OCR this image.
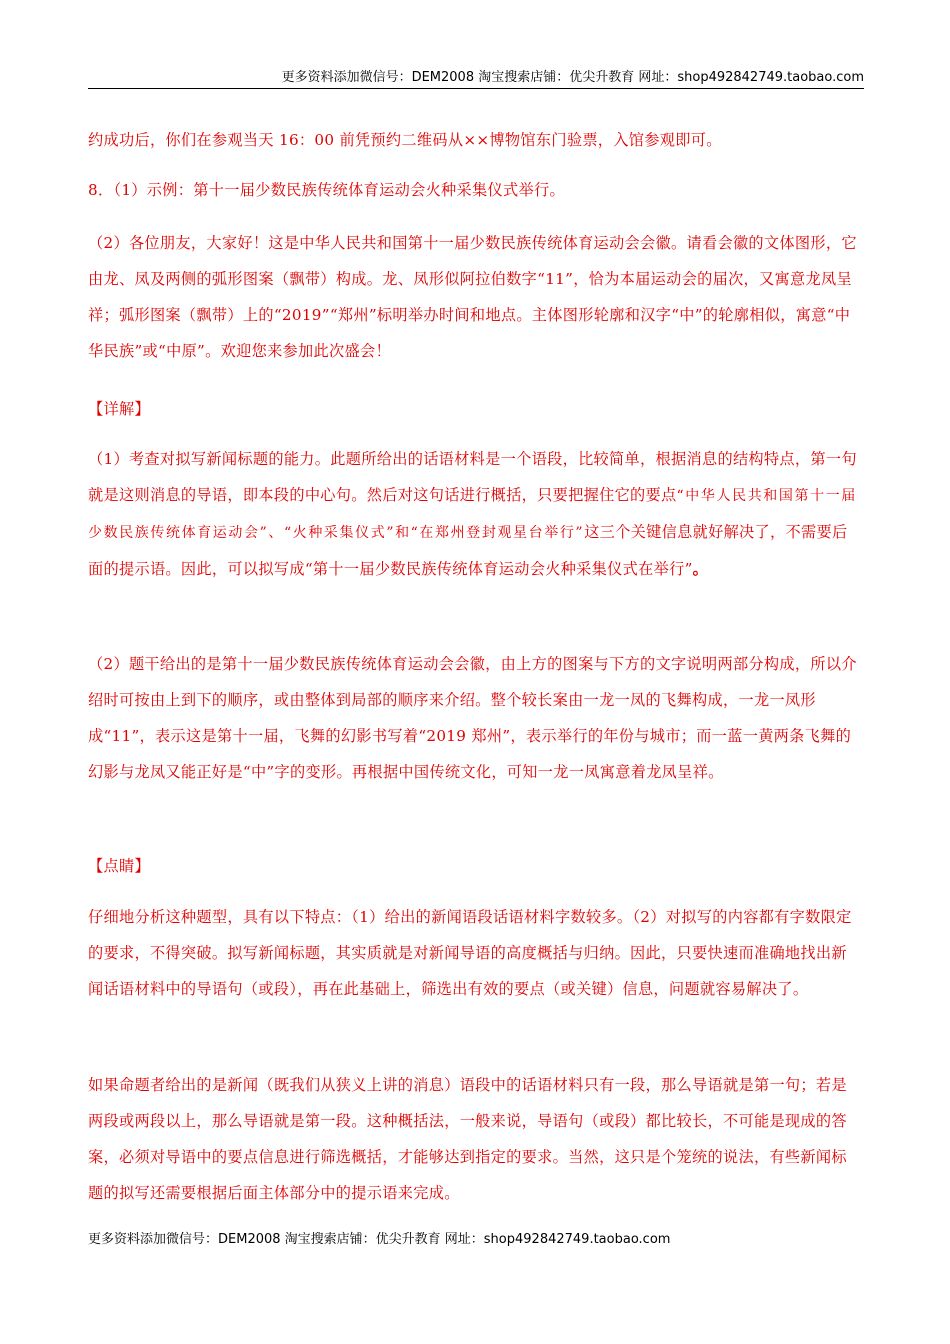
更多资料添加微信号：DEM2008 淘宝搜索店铺：优尖升教育 网址：shop492842749.taobao.com

约成功后，你们在参观当天 16：00 前凭预约二维码从××博物馆东门验票，入馆参观即可。

8．（1）示例：第十一届少数民族传统体育运动会火种采集仪式举行。

（2）各位朋友，大家好！这是中华人民共和国第十一届少数民族传统体育运动会会徽。请看会徽的文体图形，它由龙、凤及两侧的弧形图案（飘带）构成。龙、凤形似阿拉伯数字“11”，恰为本届运动会的届次，又寓意龙凤呈祥；弧形图案（飘带）上的“2019”“郑州”标明举办时间和地点。主体图形轮廓和汉字“中”的轮廓相似，寓意“中华民族”或“中原”。欢迎您来参加此次盛会！

【详解】

（1）考查对拟写新闻标题的能力。此题所给出的话语材料是一个语段，比较简单，根据消息的结构特点，第一句就是这则消息的导语，即本段的中心句。然后对这句话进行概括，只要把握住它的要点“中华人民共和国第十一届少数民族传统体育运动会”、“火种采集仪式”和“在郑州登封观星台举行”这三个关键信息就好解决了，不需要后面的提示语。因此，可以拟写成“第十一届少数民族传统体育运动会火种采集仪式在举行”。

（2）题干给出的是第十一届少数民族传统体育运动会会徽，由上方的图案与下方的文字说明两部分构成，所以介绍时可按由上到下的顺序，或由整体到局部的顺序来介绍。整个较长案由一龙一凤的飞舞构成，一龙一凤形成“11”，表示这是第十一届，飞舞的幻影书写着“2019 郑州”，表示举行的年份与城市；而一蓝一黄两条飞舞的幻影与龙凤又能正好是“中”字的变形。再根据中国传统文化，可知一龙一凤寓意着龙凤呈祥。

【点睛】

仔细地分析这种题型，具有以下特点：（1）给出的新闻语段话语材料字数较多。（2）对拟写的内容都有字数限定的要求，不得突破。拟写新闻标题，其实质就是对新闻导语的高度概括与归纳。因此，只要快速而准确地找出新闻话语材料中的导语句（或段），再在此基础上，筛选出有效的要点（或关键）信息，问题就容易解决了。

如果命题者给出的是新闻（既我们从狭义上讲的消息）语段中的话语材料只有一段，那么导语就是第一句；若是两段或两段以上，那么导语就是第一段。这种概括法，一般来说，导语句（或段）都比较长，不可能是现成的答案，必须对导语中的要点信息进行筛选概括，才能够达到指定的要求。当然，这只是个笼统的说法，有些新闻标题的拟写还需要根据后面主体部分中的提示语来完成。

更多资料添加微信号：DEM2008 淘宝搜索店铺：优尖升教育 网址：shop492842749.taobao.com
